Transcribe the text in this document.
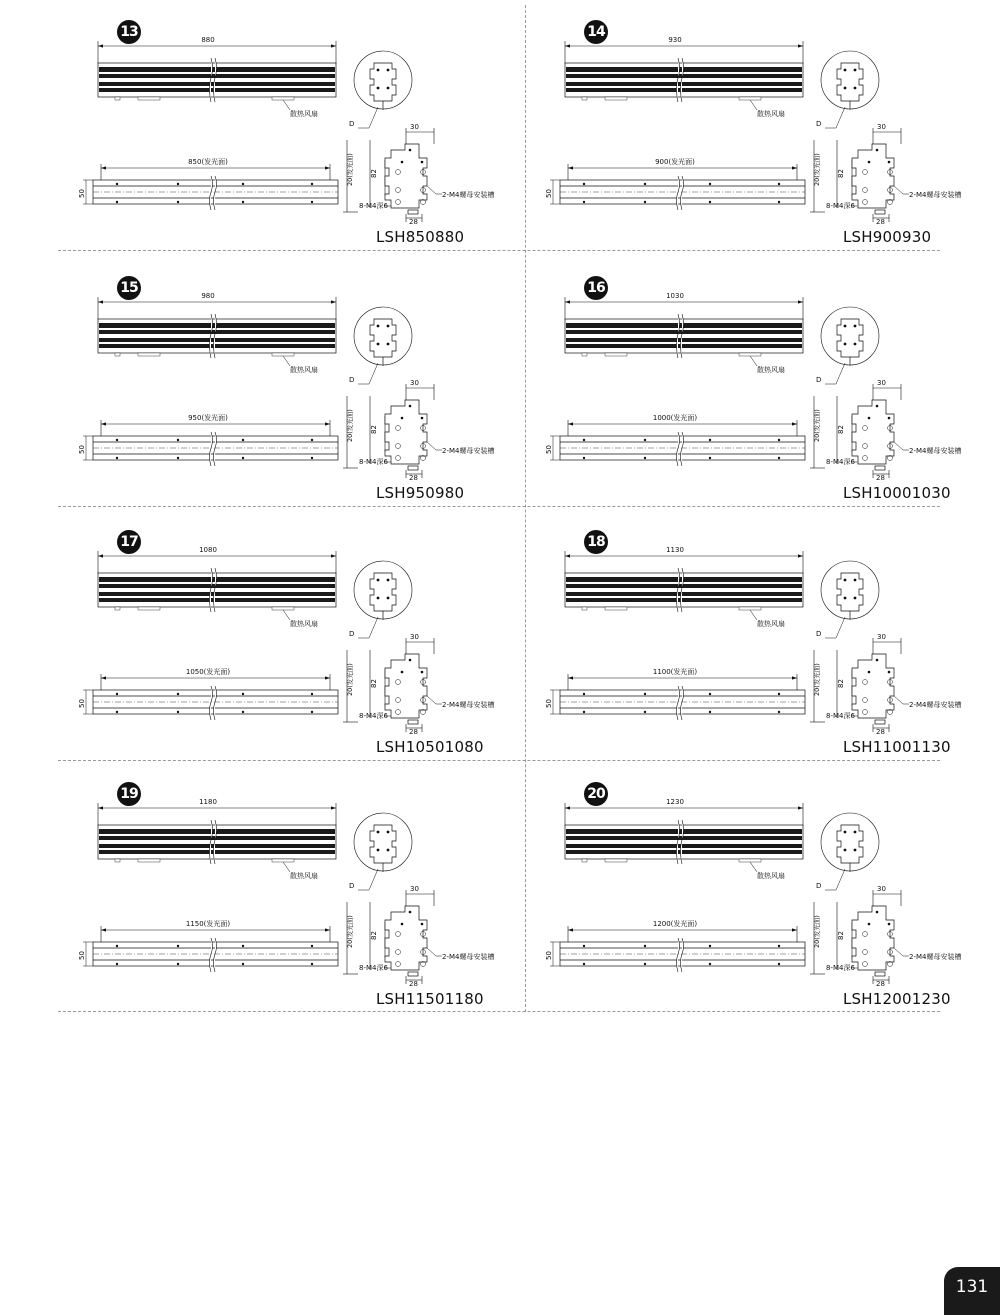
13	880
散热风扇
D
850(发光面)
50
30
82
28
20(发光面)
2-M4螺母安装槽
8-M4深6
LSH850880
14	930
散热风扇
D
900(发光面)
50
30
82
28
20(发光面)
2-M4螺母安装槽
8-M4深6
LSH900930
15	980
散热风扇
D
950(发光面)
50
30
82
28
20(发光面)
2-M4螺母安装槽
8-M4深6
LSH950980
16	1030
散热风扇
D
1000(发光面)
50
30
82
28
20(发光面)
2-M4螺母安装槽
8-M4深6
LSH10001030
17	1080
散热风扇
D
1050(发光面)
50
30
82
28
20(发光面)
2-M4螺母安装槽
8-M4深6
LSH10501080
18	1130
散热风扇
D
1100(发光面)
50
30
82
28
20(发光面)
2-M4螺母安装槽
8-M4深6
LSH11001130
19	1180
散热风扇
D
1150(发光面)
50
30
82
28
20(发光面)
2-M4螺母安装槽
8-M4深6
LSH11501180
20	1230
散热风扇
D
1200(发光面)
50
30
82
28
20(发光面)
2-M4螺母安装槽
8-M4深6
LSH12001230
131
